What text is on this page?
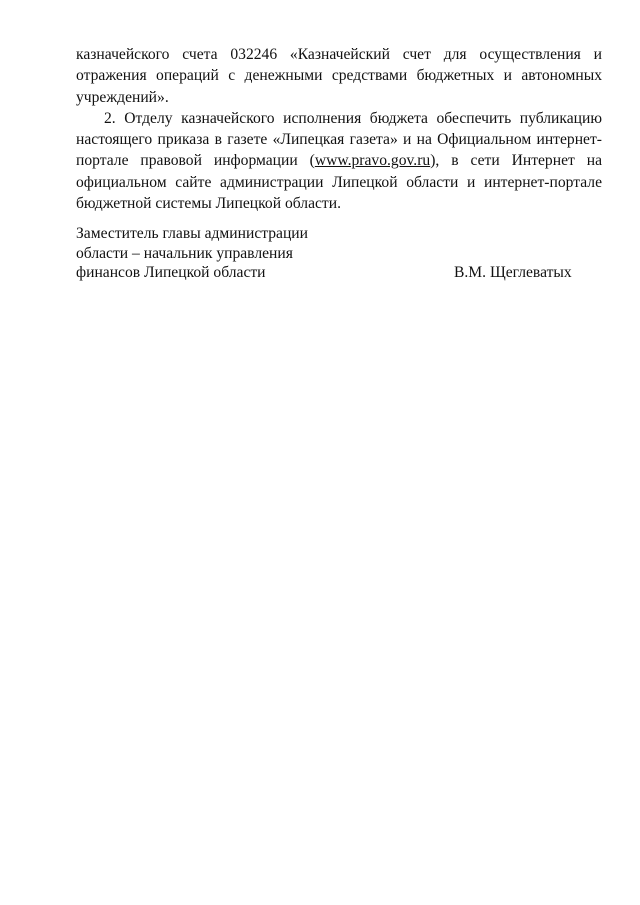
казначейского счета 032246 «Казначейский счет для осуществления и отражения операций с денежными средствами бюджетных и автономных учреждений».

2. Отделу казначейского исполнения бюджета обеспечить публикацию настоящего приказа в газете «Липецкая газета» и на Официальном интернет-портале правовой информации (www.pravo.gov.ru), в сети Интернет на официальном сайте администрации Липецкой области и интернет-портале бюджетной системы Липецкой области.

Заместитель главы администрации
области – начальник управления
финансов Липецкой области	В.М. Щеглеватых
